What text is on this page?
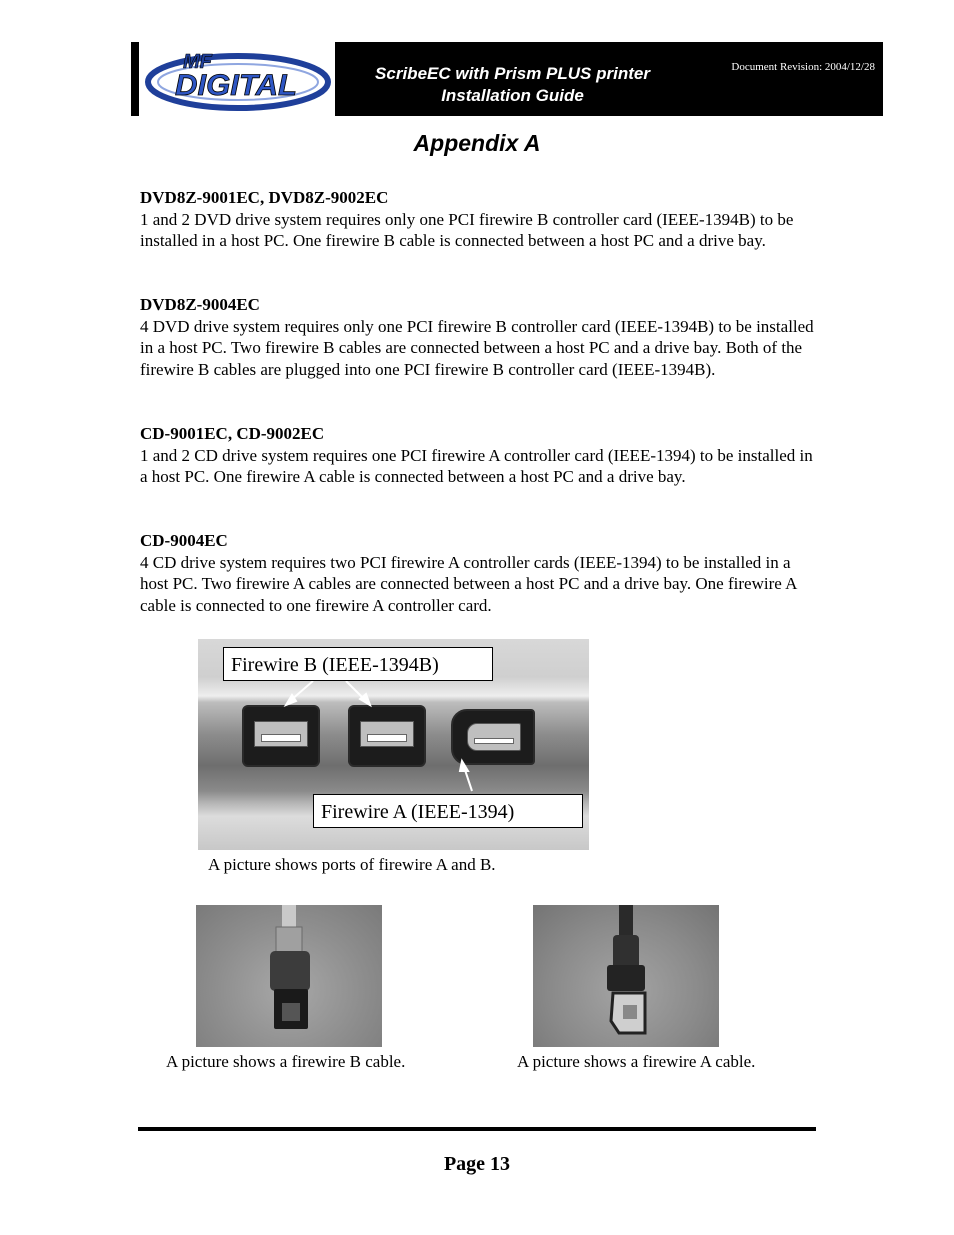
MF
DIGITAL	ScribeEC with Prism PLUS printer
Installation Guide
Document Revision: 2004/12/28
Appendix A
DVD8Z-9001EC, DVD8Z-9002EC

1 and 2 DVD drive system requires only one PCI firewire B controller card (IEEE-1394B) to be installed in a host PC. One firewire B cable is connected between a host PC and a drive bay.

DVD8Z-9004EC

4 DVD drive system requires only one PCI firewire B controller card (IEEE-1394B) to be installed in a host PC. Two firewire B cables are connected between a host PC and a drive bay. Both of the firewire B cables are plugged into one PCI firewire B controller card (IEEE-1394B).

CD-9001EC, CD-9002EC

1 and 2 CD drive system requires one PCI firewire A controller card (IEEE-1394) to be installed in a host PC. One firewire A cable is connected between a host PC and a drive bay.

CD-9004EC

4 CD drive system requires two PCI firewire A controller cards (IEEE-1394) to be installed in a host PC. Two firewire A cables are connected between a host PC and a drive bay. One firewire A cable is connected to one firewire A controller card.

Firewire B (IEEE-1394B)
Firewire A (IEEE-1394)
A picture shows ports of firewire A and B.
A picture shows a firewire B cable.	A picture shows a firewire A cable.
Page 13
